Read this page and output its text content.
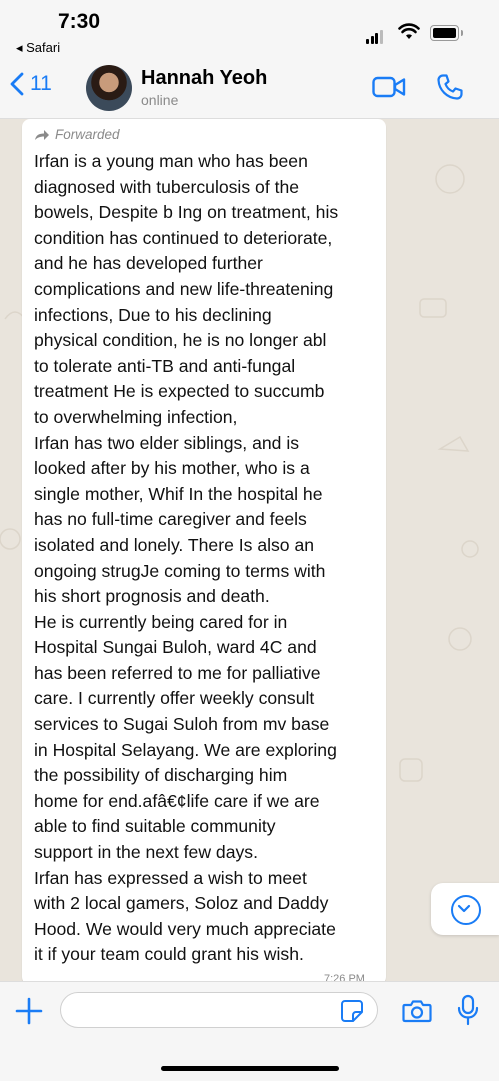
7:30
◂ Safari
11	Hannah Yeoh
online
Forwarded
Irfan is a young man who has been
diagnosed with tuberculosis of the
bowels, Despite b Ing on treatment, his
condition has continued to deteriorate,
and he has developed further
complications and new life-threatening
infections, Due to his declining
physical condition, he is no longer abl
to tolerate anti-TB and anti-fungal
treatment He is expected to succumb
to overwhelming infection,
Irfan has two elder siblings, and is
looked after by his mother, who is a
single mother, Whif In the hospital he
has no full-time caregiver and feels
isolated and lonely. There Is also an
ongoing strugJe coming to terms with
his short prognosis and death.
He is currently being cared for in
Hospital Sungai Buloh, ward 4C and
has been referred to me for palliative
care. I currently offer weekly consult
services to Sugai Suloh from mv base
in Hospital Selayang. We are exploring
the possibility of discharging him
home for end.afâ€¢life care if we are
able to find suitable community
support in the next few days.
Irfan has expressed a wish to meet
with 2 local gamers, Soloz and Daddy
Hood. We would very much appreciate
it if your team could grant his wish.
7:26 PM
